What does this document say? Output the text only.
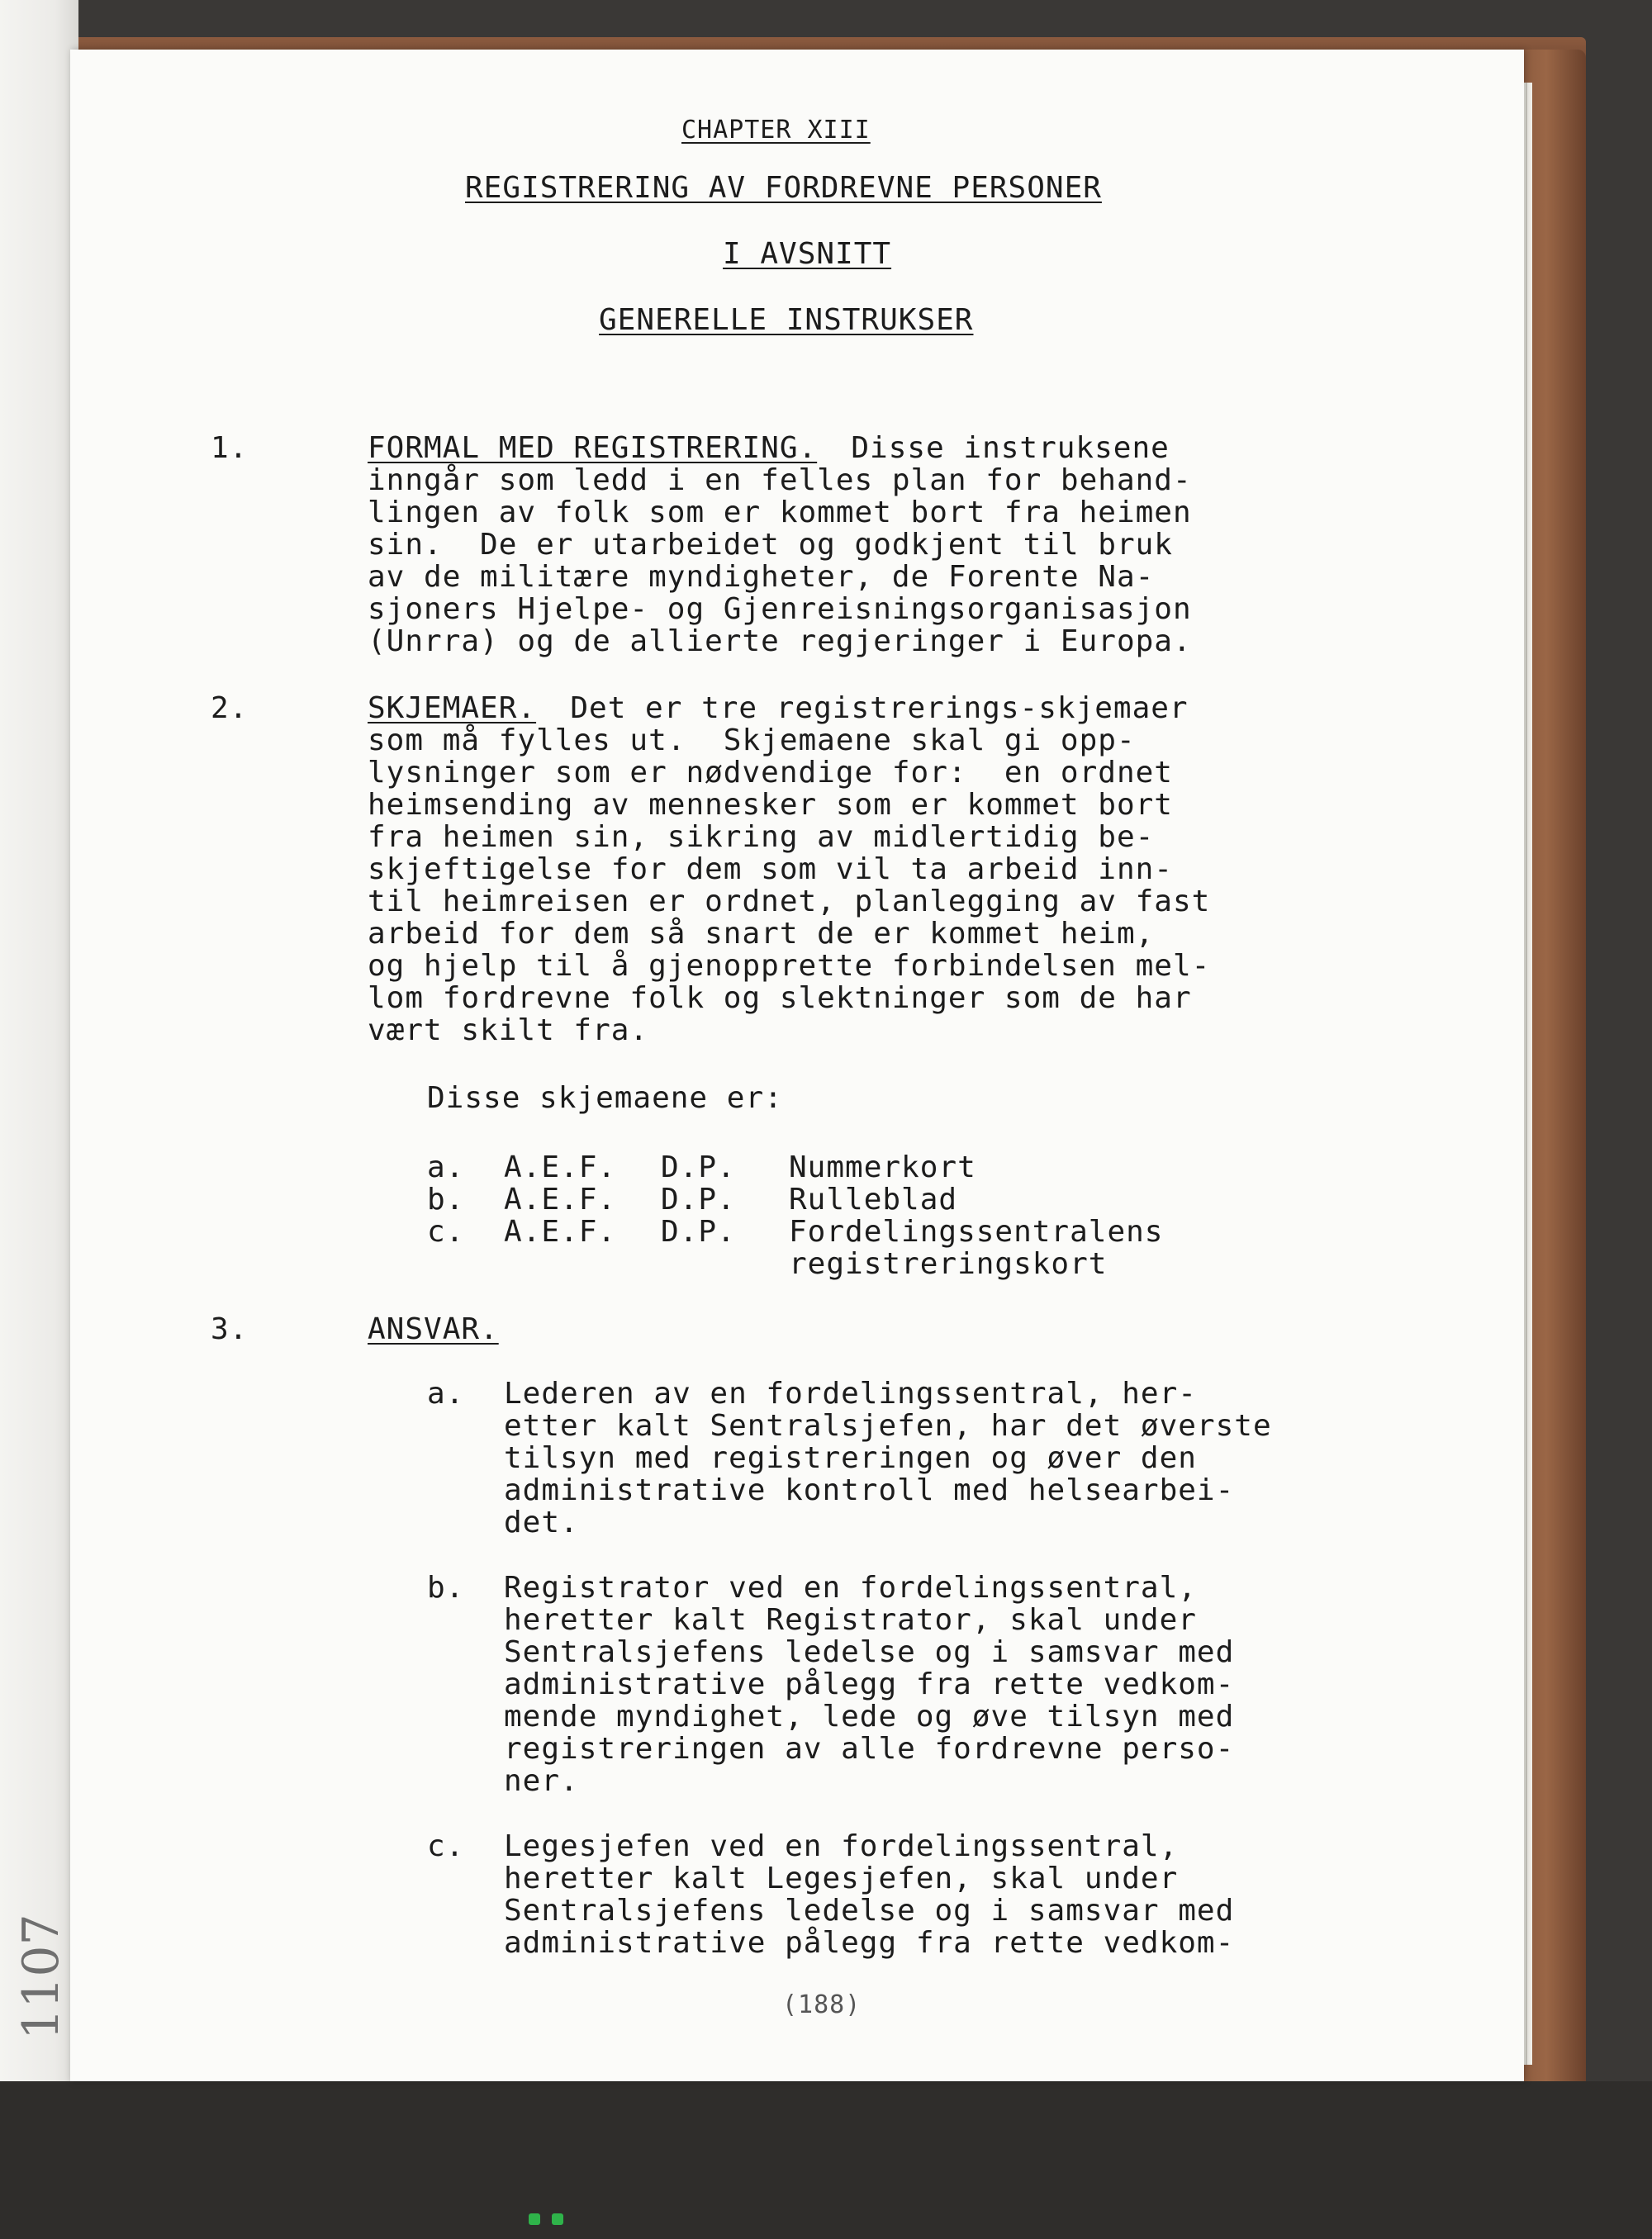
CHAPTER XIII
REGISTRERING AV FORDREVNE PERSONER
I AVSNITT
GENERELLE INSTRUKSER
1.	FORMAL MED REGISTRERING.
Disse instruksene
inngår som ledd i en felles plan for behand-
lingen av folk som er kommet bort fra heimen
sin.  De er utarbeidet og godkjent til bruk
av de militære myndigheter, de Forente Na-
sjoners Hjelpe- og Gjenreisningsorganisasjon
(Unrra) og de allierte regjeringer i Europa.
2.	SKJEMAER.
Det er tre registrerings-skjemaer
som må fylles ut.  Skjemaene skal gi opp-
lysninger som er nødvendige for:  en ordnet
heimsending av mennesker som er kommet bort
fra heimen sin, sikring av midlertidig be-
skjeftigelse for dem som vil ta arbeid inn-
til heimreisen er ordnet, planlegging av fast
arbeid for dem så snart de er kommet heim,
og hjelp til å gjenopprette forbindelsen mel-
lom fordrevne folk og slektninger som de har
vært skilt fra.
Disse skjemaene er:
a. A.E.F. D.P. Nummerkort
b. A.E.F. D.P. Rulleblad
c. A.E.F. D.P. Fordelingssentralens
registreringskort
3.	ANSVAR.
a. Lederen av en fordelingssentral, her-
etter kalt Sentralsjefen, har det øverste
tilsyn med registreringen og øver den
administrative kontroll med helsearbei-
det.
b. Registrator ved en fordelingssentral,
heretter kalt Registrator, skal under
Sentralsjefens ledelse og i samsvar med
administrative pålegg fra rette vedkom-
mende myndighet, lede og øve tilsyn med
registreringen av alle fordrevne perso-
ner.
c. Legesjefen ved en fordelingssentral,
heretter kalt Legesjefen, skal under
Sentralsjefens ledelse og i samsvar med
administrative pålegg fra rette vedkom-
(188)
1107
